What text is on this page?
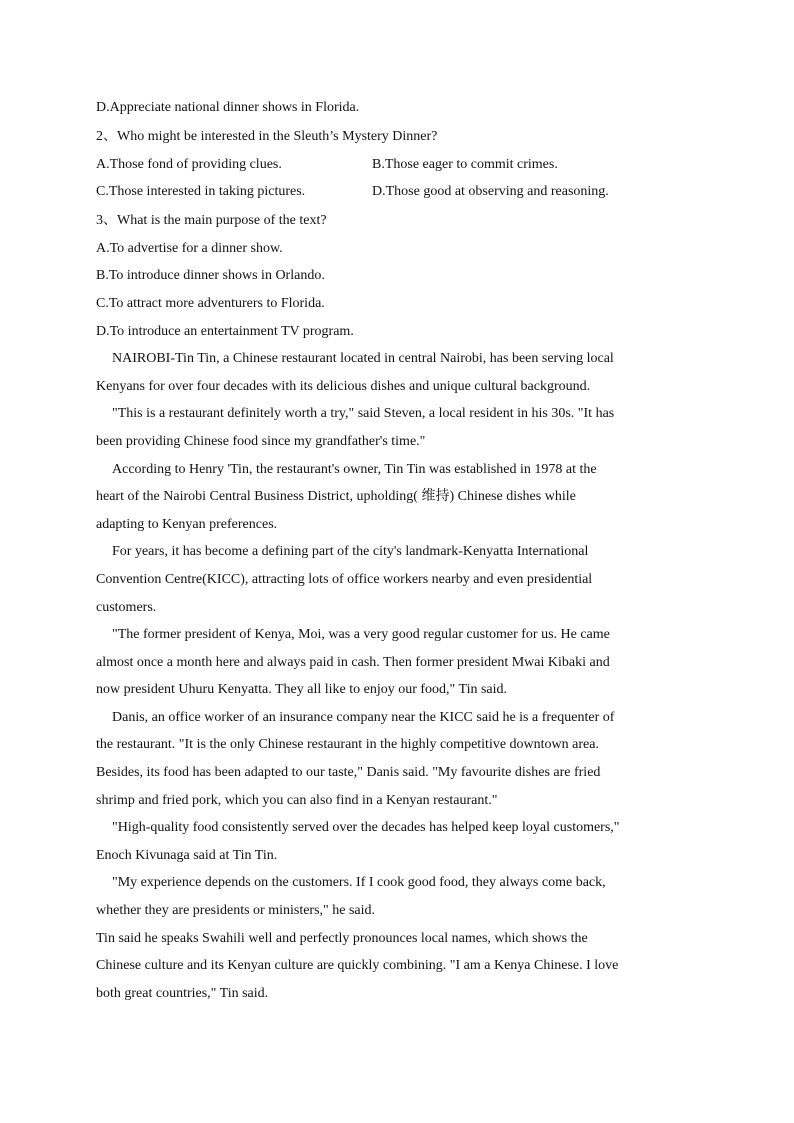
D.Appreciate national dinner shows in Florida.
2、Who might be interested in the Sleuth’s Mystery Dinner?
A.Those fond of providing clues.	B.Those eager to commit crimes.
C.Those interested in taking pictures.	D.Those good at observing and reasoning.
3、What is the main purpose of the text?
A.To advertise for a dinner show.
B.To introduce dinner shows in Orlando.
C.To attract more adventurers to Florida.
D.To introduce an entertainment TV program.
NAIROBI-Tin Tin, a Chinese restaurant located in central Nairobi, has been serving local
Kenyans for over four decades with its delicious dishes and unique cultural background.
"This is a restaurant definitely worth a try," said Steven, a local resident in his 30s. "It has
been providing Chinese food since my grandfather's time."
According to Henry 'Tin, the restaurant's owner, Tin Tin was established in 1978 at the
heart of the Nairobi Central Business District, upholding( 维持) Chinese dishes while
adapting to Kenyan preferences.
For years, it has become a defining part of the city's landmark-Kenyatta International
Convention Centre(KICC), attracting lots of office workers nearby and even presidential
customers.
"The former president of Kenya, Moi, was a very good regular customer for us. He came
almost once a month here and always paid in cash. Then former president Mwai Kibaki and
now president Uhuru Kenyatta. They all like to enjoy our food," Tin said.
Danis, an office worker of an insurance company near the KICC said he is a frequenter of
the restaurant. "It is the only Chinese restaurant in the highly competitive downtown area.
Besides, its food has been adapted to our taste," Danis said. "My favourite dishes are fried
shrimp and fried pork, which you can also find in a Kenyan restaurant."
"High-quality food consistently served over the decades has helped keep loyal customers,"
Enoch Kivunaga said at Tin Tin.
"My experience depends on the customers. If I cook good food, they always come back,
whether they are presidents or ministers," he said.
Tin said he speaks Swahili well and perfectly pronounces local names, which shows the
Chinese culture and its Kenyan culture are quickly combining. "I am a Kenya Chinese. I love
both great countries," Tin said.
